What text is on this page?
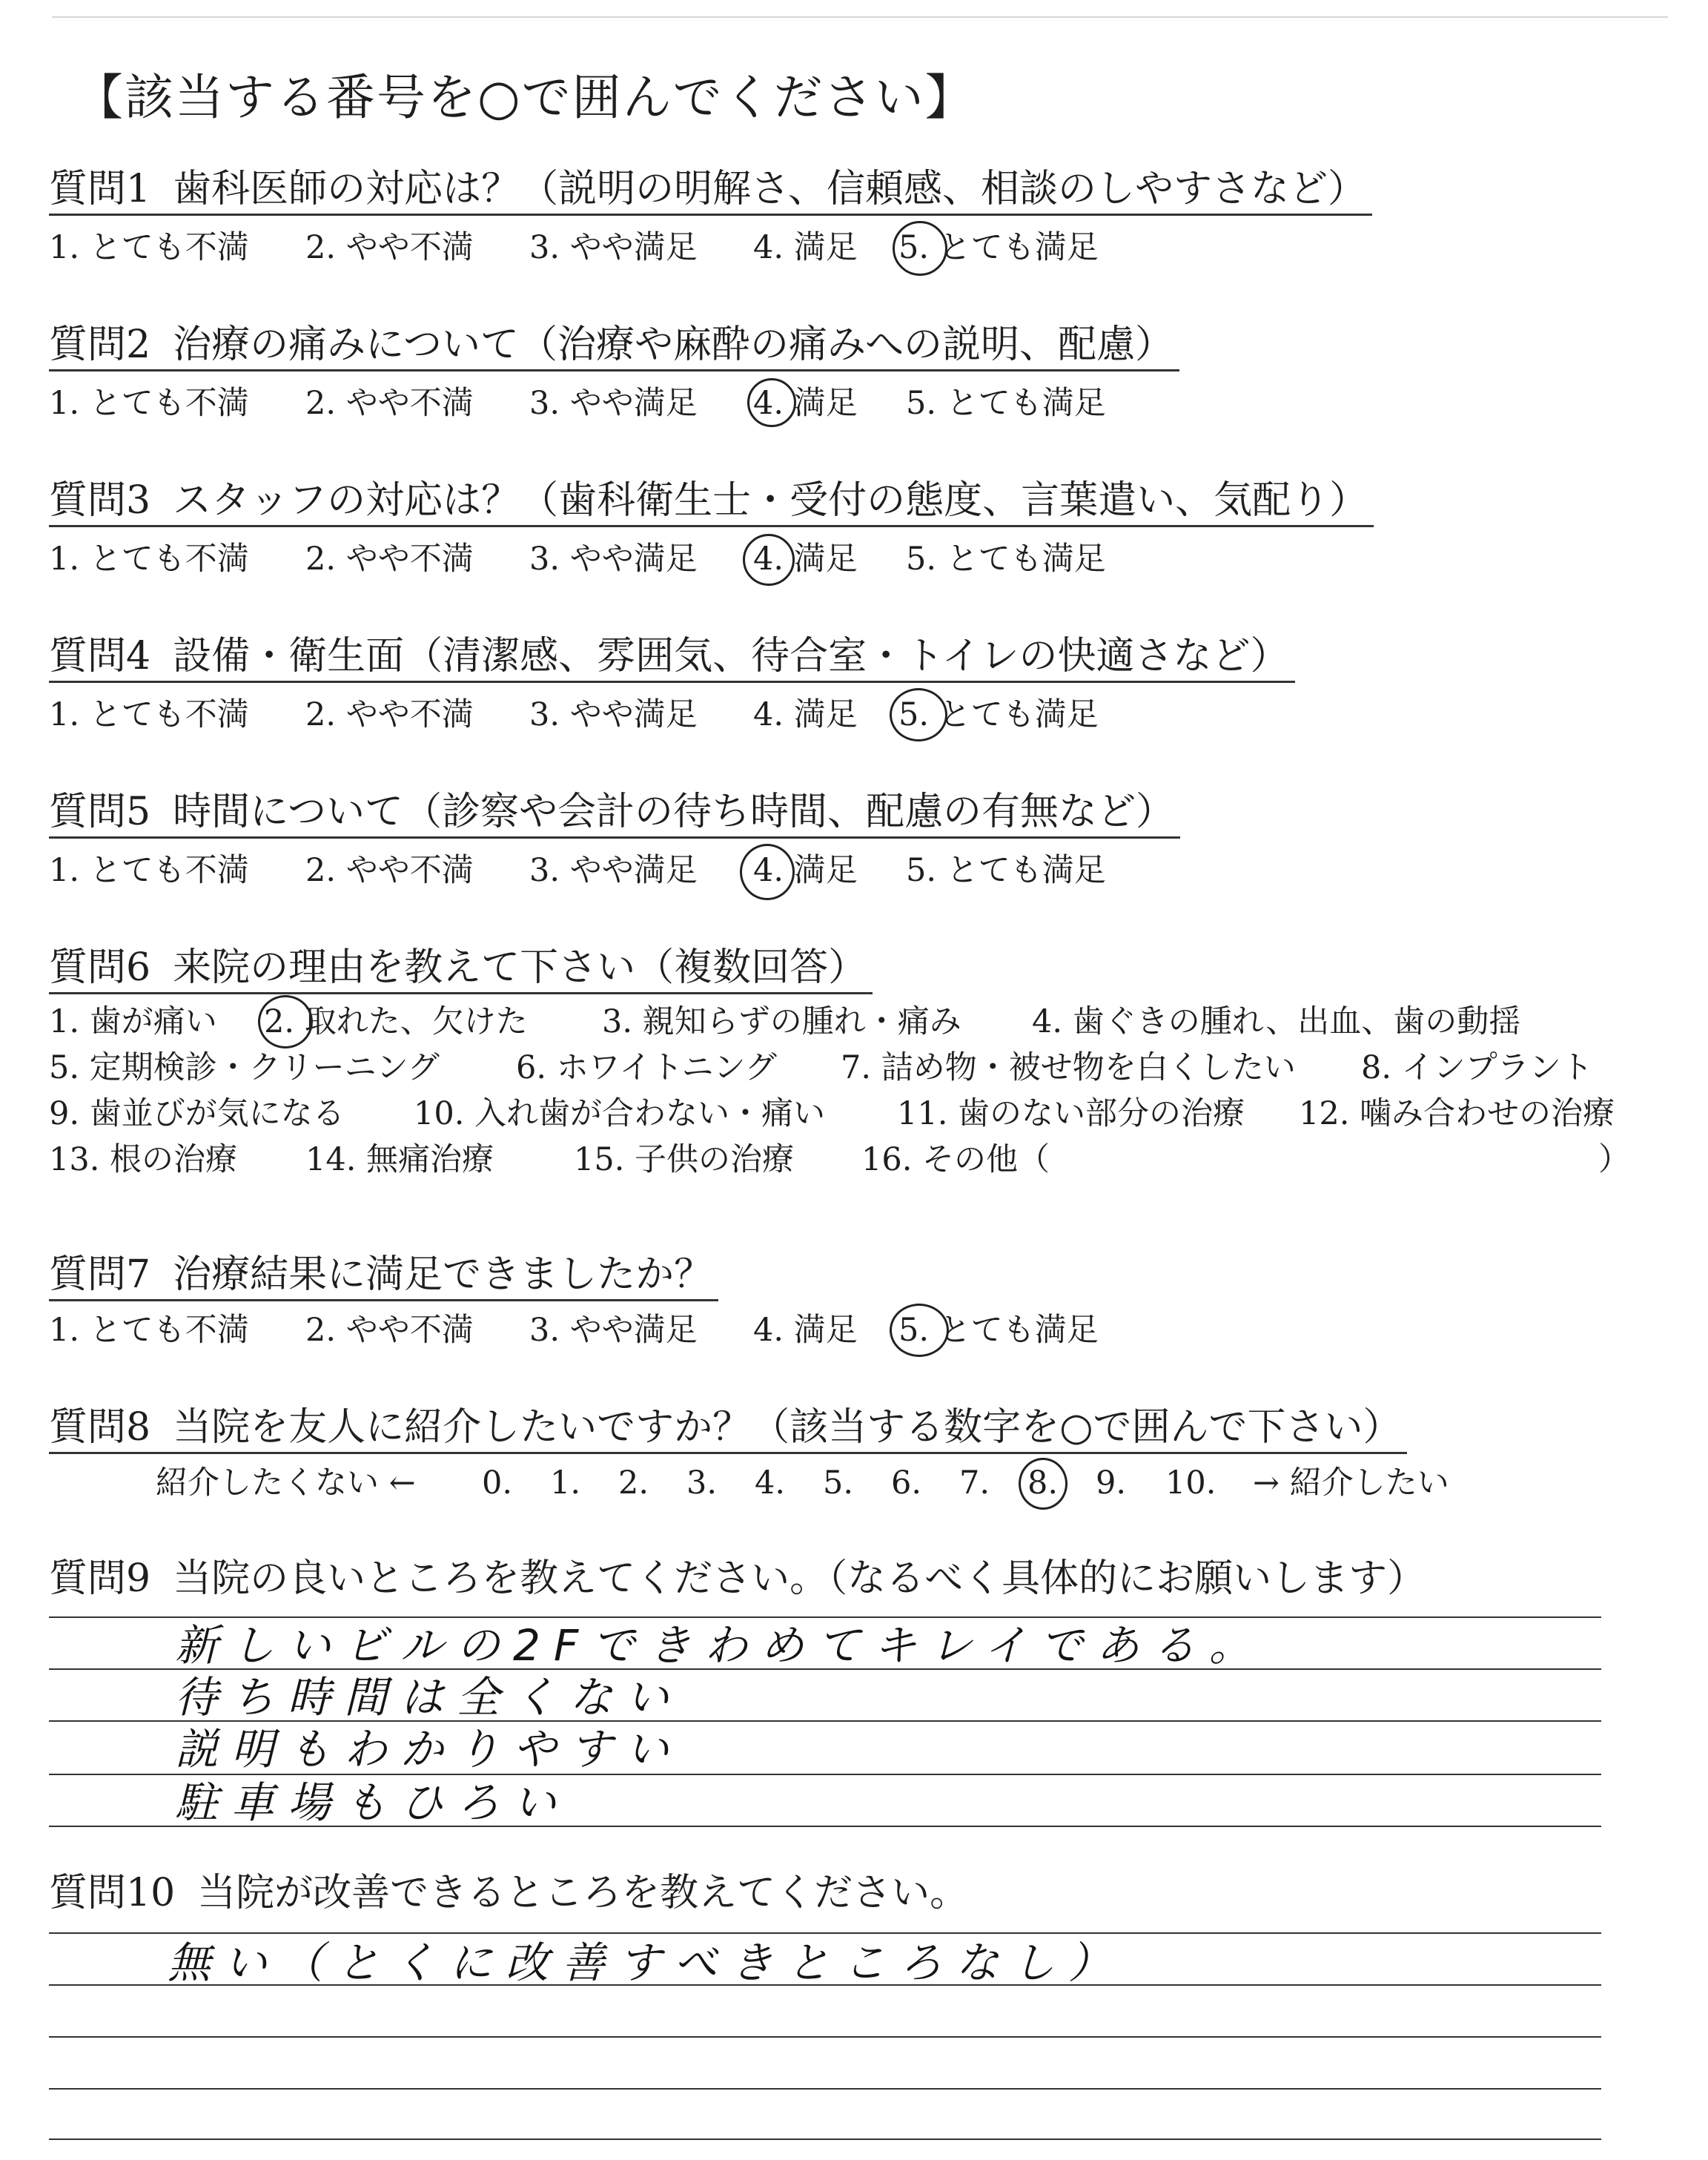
【該当する番号を○で囲んでください】
質問1 歯科医師の対応は？（説明の明解さ、信頼感、相談のしやすさなど）
1. とても不満 2. やや不満 3. やや満足 4. 満足 5. とても満足
質問2 治療の痛みについて（治療や麻酔の痛みへの説明、配慮）
1. とても不満 2. やや不満 3. やや満足 4. 満足 5. とても満足
質問3 スタッフの対応は？（歯科衛生士・受付の態度、言葉遣い、気配り）
1. とても不満 2. やや不満 3. やや満足 4. 満足 5. とても満足
質問4 設備・衛生面（清潔感、雰囲気、待合室・トイレの快適さなど）
1. とても不満 2. やや不満 3. やや満足 4. 満足 5. とても満足
質問5 時間について（診察や会計の待ち時間、配慮の有無など）
1. とても不満 2. やや不満 3. やや満足 4. 満足 5. とても満足
質問6 来院の理由を教えて下さい（複数回答）
1. 歯が痛い 2. 取れた、欠けた 3. 親知らずの腫れ・痛み 4. 歯ぐきの腫れ、出血、歯の動揺
5. 定期検診・クリーニング 6. ホワイトニング 7. 詰め物・被せ物を白くしたい 8. インプラント
9. 歯並びが気になる 10. 入れ歯が合わない・痛い 11. 歯のない部分の治療 12. 噛み合わせの治療
13. 根の治療 14. 無痛治療	15. 子供の治療 16. その他（	）
質問7 治療結果に満足できましたか？
1. とても不満 2. やや不満 3. やや満足 4. 満足 5. とても満足
質問8 当院を友人に紹介したいですか？（該当する数字を○で囲んで下さい）
紹介したくない ← 0. 1. 2. 3. 4. 5. 6. 7. 8. 9. 10. → 紹介したい
質問9 当院の良いところを教えてください。（なるべく具体的にお願いします）
新しいビルの2Fできわめてキレイである。
待ち時間は全くない
説明もわかりやすい
駐車場もひろい
質問10 当院が改善できるところを教えてください。
無い（とくに改善すべきところなし）
